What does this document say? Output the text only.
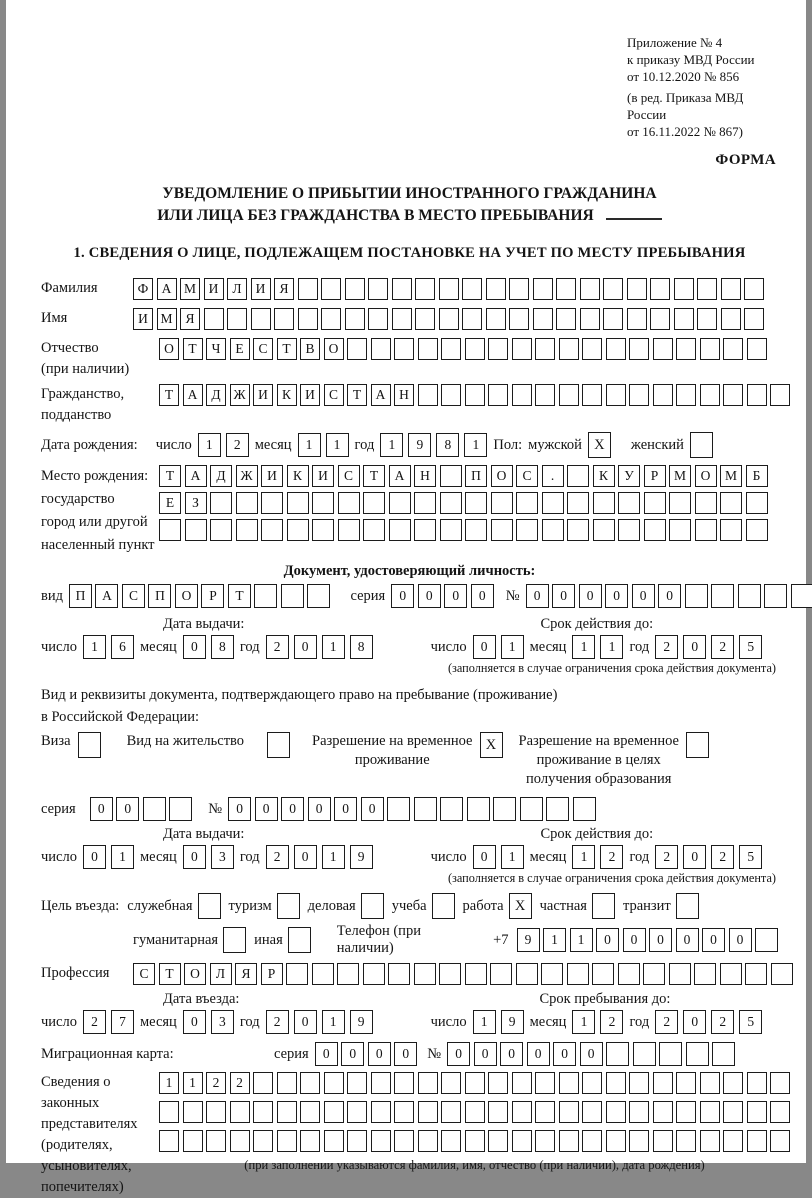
Приложение № 4
к приказу МВД России
от 10.12.2020 № 856
(в ред. Приказа МВД России
от 16.11.2022 № 867)
ФОРМА
УВЕДОМЛЕНИЕ О ПРИБЫТИИ ИНОСТРАННОГО ГРАЖДАНИНА
ИЛИ ЛИЦА БЕЗ ГРАЖДАНСТВА В МЕСТО ПРЕБЫВАНИЯ
1. СВЕДЕНИЯ О ЛИЦЕ, ПОДЛЕЖАЩЕМ ПОСТАНОВКЕ НА УЧЕТ ПО МЕСТУ ПРЕБЫВАНИЯ
Фамилия	Ф А М И	Л	И	Я
Имя	И М Я
Отчество
(при наличии)
О	Т	Ч	Е	С	Т	В	О
Гражданство,
подданство
Т	А	Д Ж И	К	И	С	Т	А	Н
Дата рождения: число	1	2 месяц	1	1 год	1	9	8	1 Пол: мужской X	женский
Место рождения:
государство
город или другой
населенный пункт
Т	А	Д	Ж	И	К	И	С	Т	А	Н	П	О	С	.	К	У	Р	М	О	М	Б
Е	З
Документ, удостоверяющий личность:
вид П	А	С	П	О	Р	Т	серия	0	0	0	0	№	0	0	0	0	0	0
Дата выдачи:	Срок действия до:
число	1	6 месяц	0	8 год	2	0	1	8	число	0	1 месяц	1	1 год	2	0	2	5
(заполняется в случае ограничения срока действия документа)
Вид и реквизиты документа, подтверждающего право на пребывание (проживание)
в Российской Федерации:
Виза	Вид на жительство	Разрешение на временное
проживание
X	Разрешение на временное
проживание в целях
получения образования
серия	0	0	№	0	0	0	0	0	0
Дата выдачи:	Срок действия до:
число	0	1 месяц	0	3 год	2	0	1	9	число	0	1 месяц	1	2 год	2	0	2	5
(заполняется в случае ограничения срока действия документа)
Цель въезда: служебная туризм деловая учеба работа X частная транзит
гуманитарная иная
Телефон (при наличии)
+7	9	1	1	0	0	0	0	0	0
Профессия	С	Т	О	Л	Я	Р
Дата въезда:	Срок пребывания до:
число	2	7 месяц	0	3 год	2	0	1	9	число	1	9 месяц	1	2 год	2	0	2	5
Миграционная карта:	серия	0	0	0	0	№	0	0	0	0	0	0
Сведения о
законных
представителях
(родителях,
усыновителях,
попечителях)
1	1	2	2
(при заполнении указываются фамилия, имя, отчество (при наличии), дата рождения)
